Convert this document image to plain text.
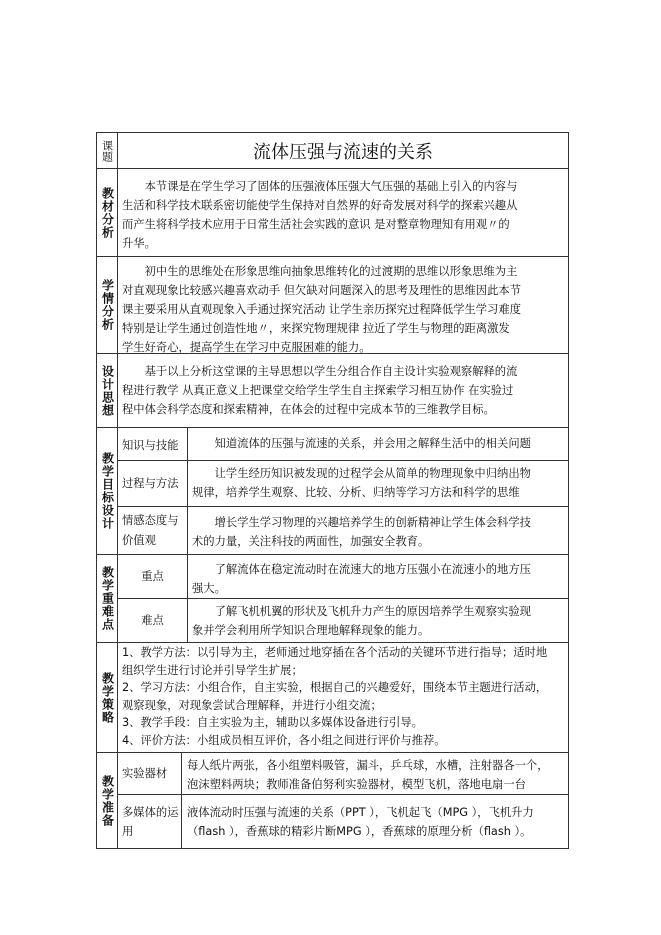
课题	流体压强与流速的关系
教材分析 　　本节课是在学生学习了固体的压强液体压强大气压强的基础上引入的内容与
生活和科学技术联系密切能使学生保持对自然界的好奇发展对科学的探索兴趣从
而产生将科学技术应用于日常生活社会实践的意识 是对整章物理知有用观〃的
升华。
学情分析
　　初中生的思维处在形象思维向抽象思维转化的过渡期的思维以形象思维为主
对直观现象比较感兴趣喜欢动手 但欠缺对问题深入的思考及理性的思维因此本节
课主要采用从直观现象入手通过探究活动 让学生亲历探究过程降低学生学习难度
特别是让学生通过创造性地〃，来探究物理规律 拉近了学生与物理的距离激发
学生好奇心，提高学生在学习中克服困难的能力。
设计思想 　　基于以上分析这堂课的主导思想以学生分组合作自主设计实验观察解释的流
程进行教学 从真正意义上把课堂交给学生学生自主探索学习相互协作 在实验过
程中体会科学态度和探索精神，在体会的过程中完成本节的三维教学目标。
教学目标设计
知识与技能 　　知道流体的压强与流速的关系，并会用之解释生活中的相关问题
过程与方法
　　让学生经历知识被发现的过程学会从简单的物理现象中归纳出物
规律，培养学生观察、比较、分析、归纳等学习方法和科学的思维
情感态度与价值观
　　增长学生学习物理的兴趣培养学生的创新精神让学生体会科学技
术的力量，关注科技的两面性，加强安全教育。
教学重难点 重点
　　了解流体在稳定流动时在流速大的地方压强小在流速小的地方压
强大。
难点
　　了解飞机机翼的形状及飞机升力产生的原因培养学生观察实验现
象并学会利用所学知识合理地解释现象的能力。
教学策略
1、教学方法：以引导为主，老师通过地穿插在各个活动的关键环节进行指导；适时地
组织学生进行讨论并引导学生扩展；
2、学习方法：小组合作，自主实验，根据自己的兴趣爱好，围绕本节主题进行活动，
观察现象，对现象尝试合理解释，并进行小组交流；
3、教学手段：自主实验为主，辅助以多媒体设备进行引导。
4、评价方法：小组成员相互评价，各小组之间进行评价与推荐。
教学准备
实验器材
每人纸片两张，各小组塑料吸管，漏斗，乒乓球，水槽，注射器各一个，
泡沫塑料两块；教师准备伯努利实验器材，模型飞机，落地电扇一台
多媒体的运用
液体流动时压强与流速的关系（PPT ），飞机起飞（MPG ），飞机升力
（flash ），香蕉球的精彩片断MPG ），香蕉球的原理分析（flash ）。
